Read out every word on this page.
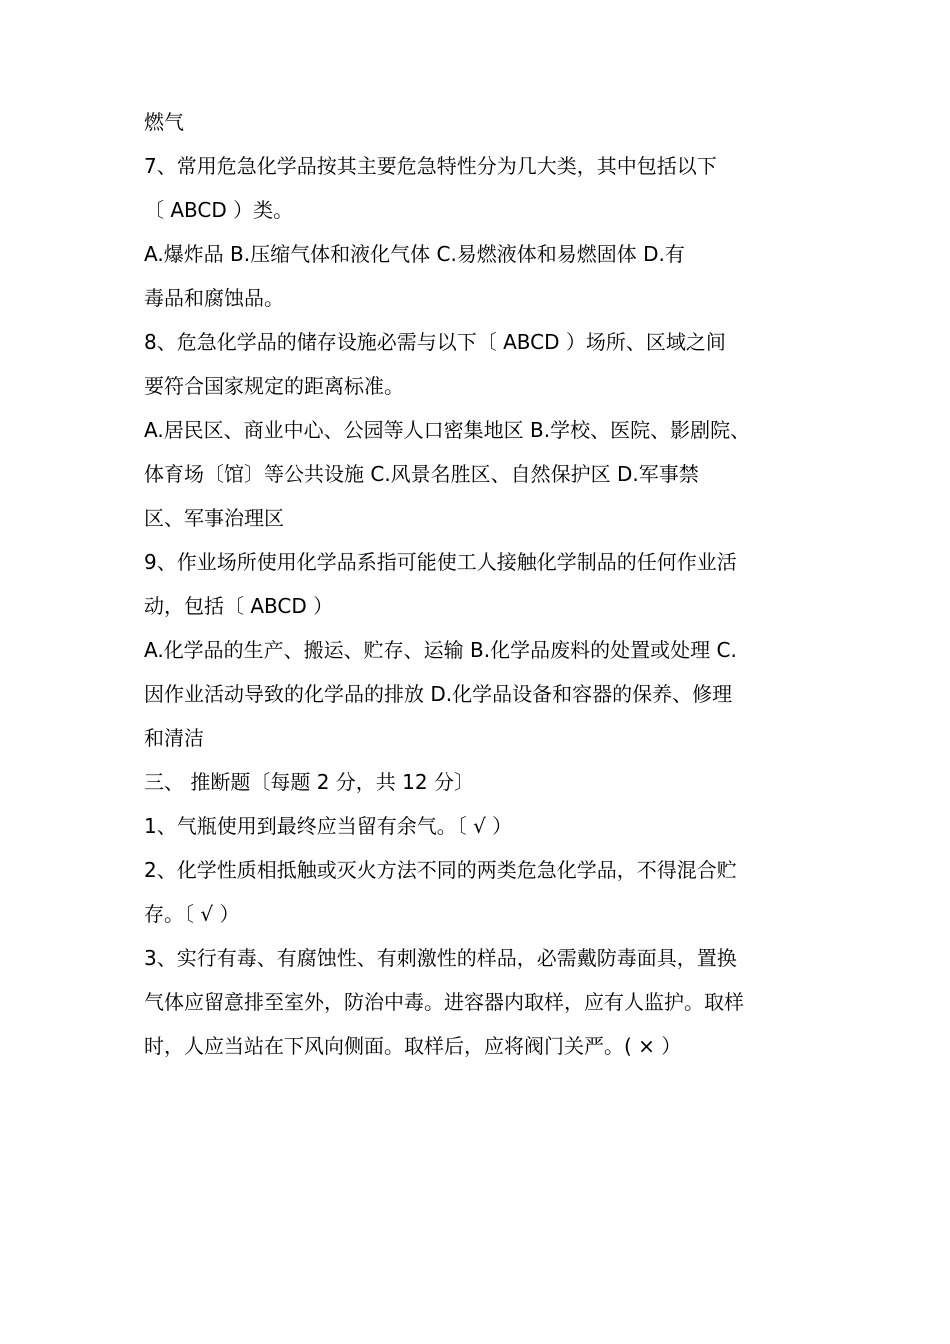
燃气
7、常用危急化学品按其主要危急特性分为几大类，其中包括以下
〔 ABCD ）类。
A.爆炸品 B.压缩气体和液化气体 C.易燃液体和易燃固体 D.有
毒品和腐蚀品。
8、危急化学品的储存设施必需与以下〔 ABCD ）场所、区域之间
要符合国家规定的距离标准。
A.居民区、商业中心、公园等人口密集地区 B.学校、医院、影剧院、
体育场〔馆〕等公共设施 C.风景名胜区、自然保护区 D.军事禁
区、军事治理区
9、作业场所使用化学品系指可能使工人接触化学制品的任何作业活
动，包括〔 ABCD ）
A.化学品的生产、搬运、贮存、运输 B.化学品废料的处置或处理 C.
因作业活动导致的化学品的排放 D.化学品设备和容器的保养、修理
和清洁
三、 推断题〔每题 2 分，共 12 分〕
1、气瓶使用到最终应当留有余气。〔 √ ）
2、化学性质相抵触或灭火方法不同的两类危急化学品，不得混合贮
存。〔 √ ）
3、实行有毒、有腐蚀性、有刺激性的样品，必需戴防毒面具，置换
气体应留意排至室外，防治中毒。进容器内取样，应有人监护。取样
时，人应当站在下风向侧面。取样后，应将阀门关严。( × ）
